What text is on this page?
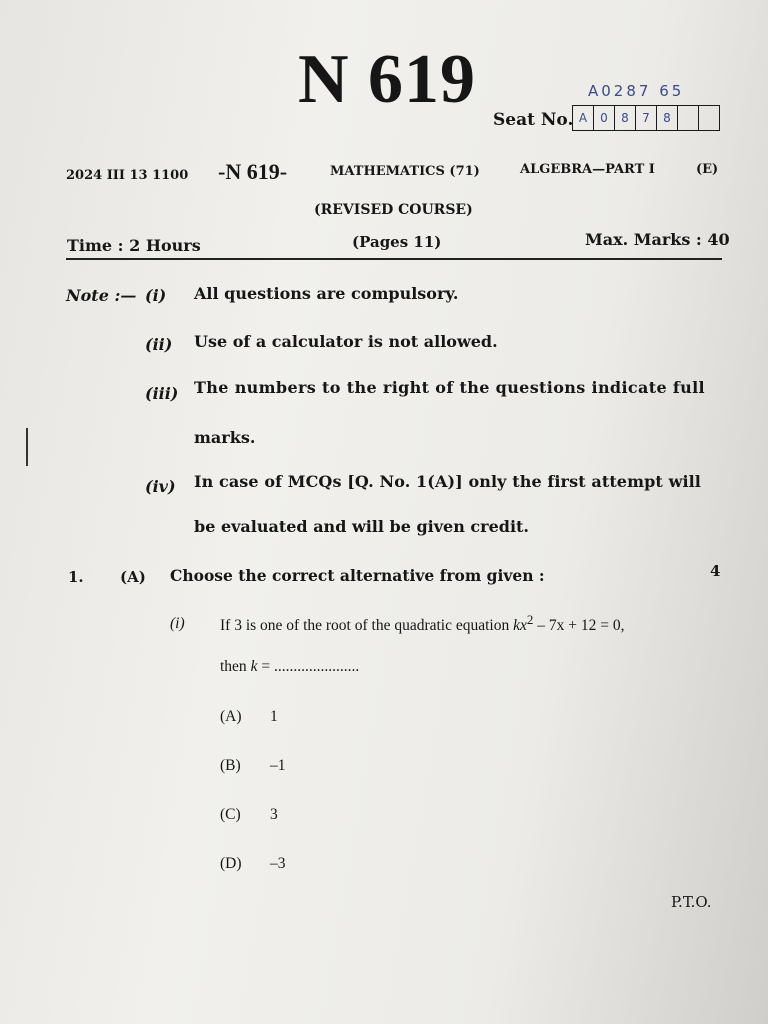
N 619	A0287 65
Seat No. A	0	8	7	8
2024 III 13 1100 -N 619-	MATHEMATICS (71)	ALGEBRA—PART I	(E)
(REVISED COURSE)
Time : 2 Hours	(Pages 11)	Max. Marks : 40
Note :— (i) All questions are compulsory.
(ii) Use of a calculator is not allowed.
(iii) The numbers to the right of the questions indicate full
marks.
(iv) In case of MCQs [Q. No. 1(A)] only the first attempt will
be evaluated and will be given credit.
1. (A) Choose the correct alternative from given :	4
(i) If 3 is one of the root of the quadratic equation $kx^2 - 7x + 12 = 0$,
then k = ......................
(A) 1
(B) –1
(C) 3
(D) –3
P.T.O.
